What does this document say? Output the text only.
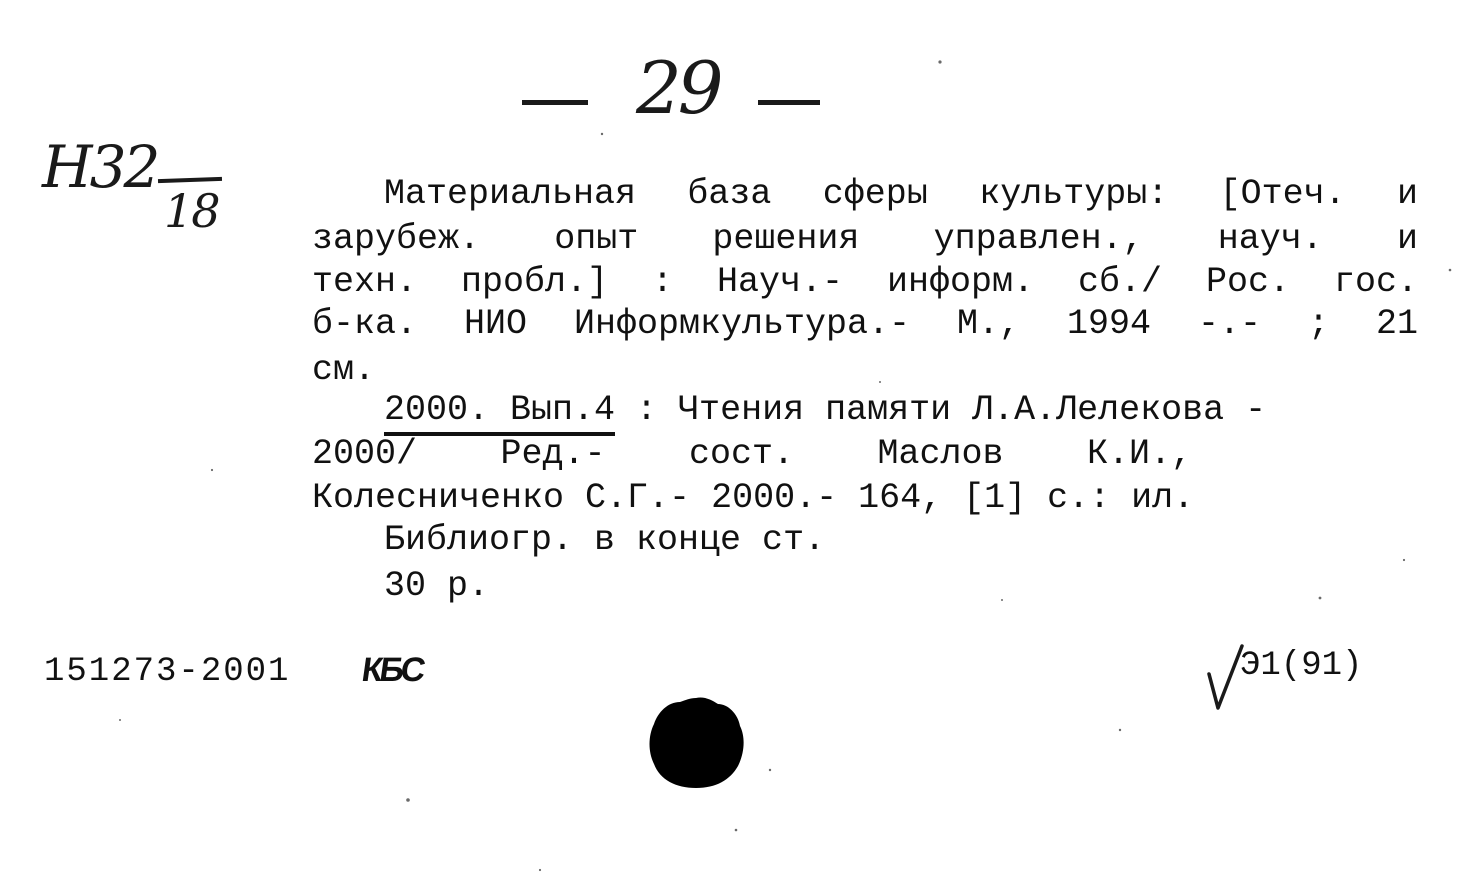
29
Н32
18	Материальная база сферы культуры: [Отеч. и
зарубеж. опыт решения управлен., науч. и
техн. пробл.] : Науч.- информ. сб./ Рос. гос.
б-ка. НИО Информкультура.- М., 1994 -.- ; 21
см.
2000. Вып.4 : Чтения памяти Л.А.Лелекова -
2000/ Ред.- сост. Маслов К.И.,
Колесниченко С.Г.- 2000.- 164, [1] с.: ил.
Библиогр. в конце ст.
30 р.
151273-2001 КБС	Э1(91)
